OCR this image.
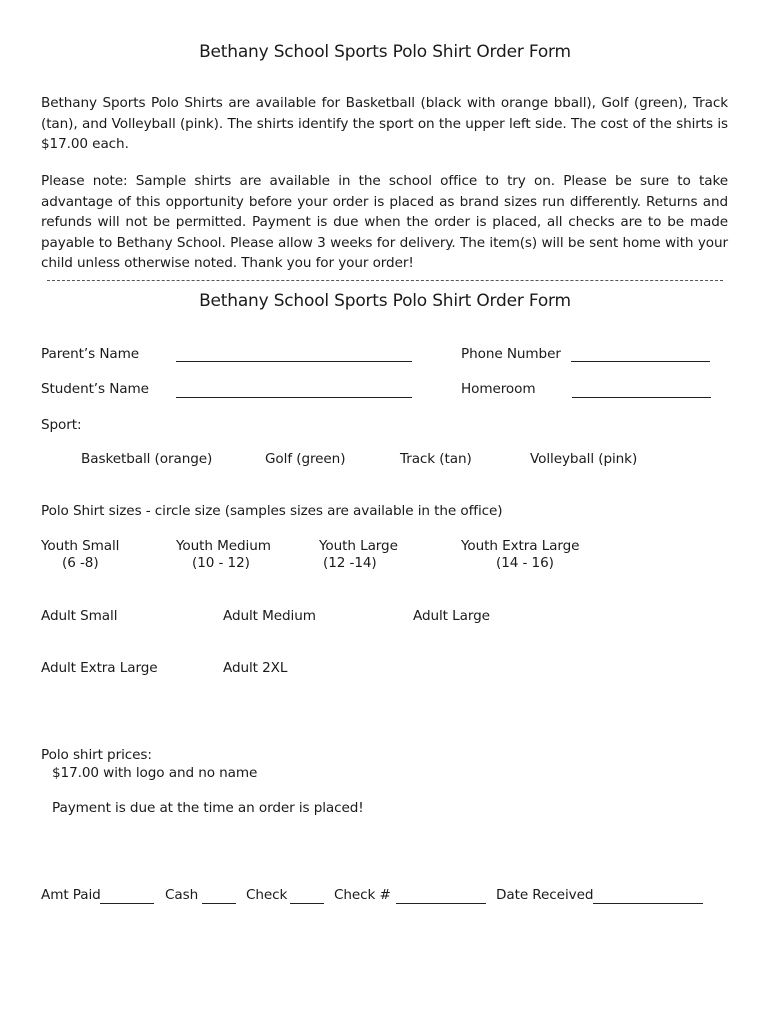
Bethany School Sports Polo Shirt Order Form
Bethany Sports Polo Shirts are available for Basketball (black with orange bball), Golf (green), Track (tan), and Volleyball (pink). The shirts identify the sport on the upper left side. The cost of the shirts is $17.00 each.
Please note: Sample shirts are available in the school office to try on. Please be sure to take advantage of this opportunity before your order is placed as brand sizes run differently. Returns and refunds will not be permitted. Payment is due when the order is placed, all checks are to be made payable to Bethany School. Please allow 3 weeks for delivery. The item(s) will be sent home with your child unless otherwise noted. Thank you for your order!
Bethany School Sports Polo Shirt Order Form
Parent’s Name	Phone Number
Student’s Name	Homeroom
Sport:
Basketball (orange)	Golf (green)	Track (tan)	Volleyball (pink)
Polo Shirt sizes - circle size (samples sizes are available in the office)
Youth Small
(6 -8)
Youth Medium
(10 - 12)
Youth Large
(12 -14)
Youth Extra Large
(14 - 16)
Adult Small	Adult Medium	Adult Large
Adult Extra Large	Adult 2XL
Polo shirt prices:
$17.00 with logo and no name
Payment is due at the time an order is placed!
Amt Paid	Cash	Check	Check #	Date Received
